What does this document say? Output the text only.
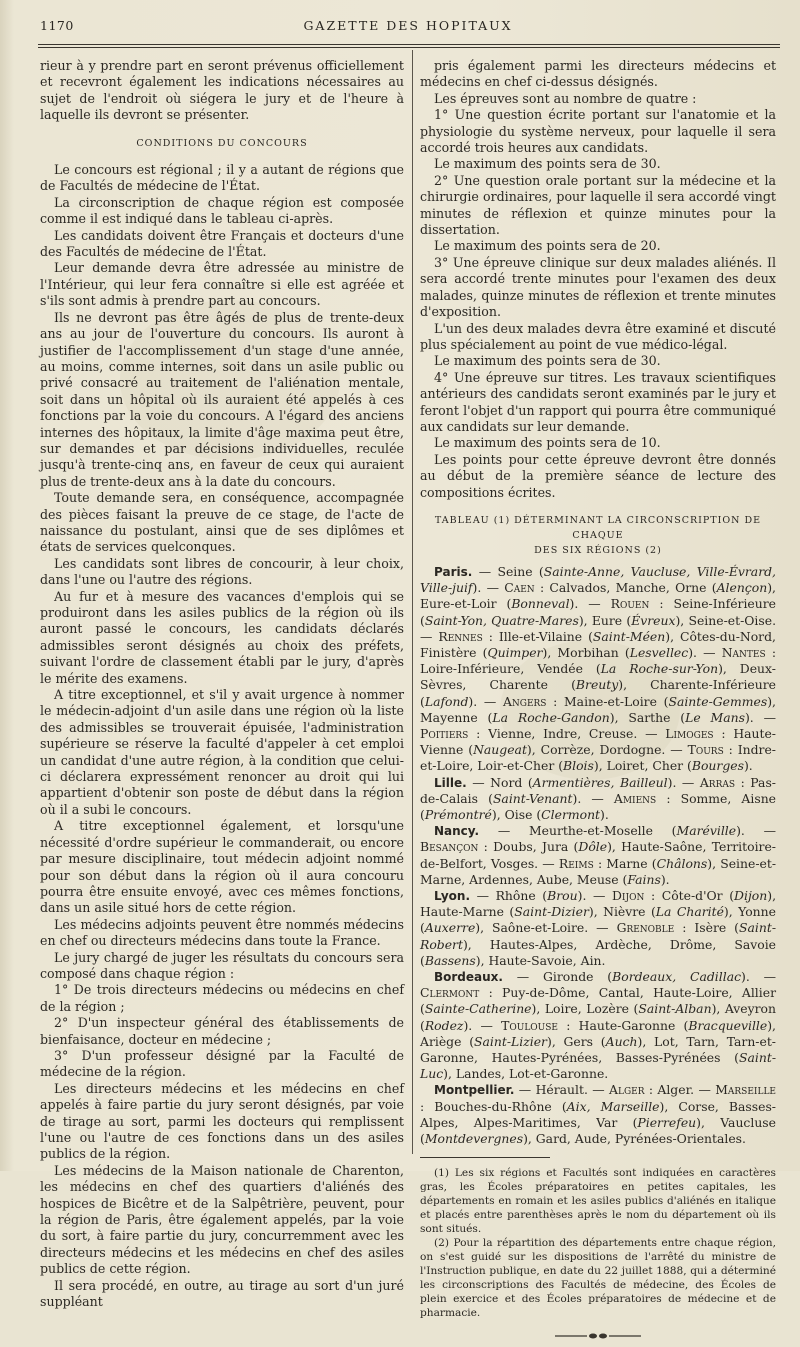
1170	GAZETTE DES HOPITAUX

rieur à y prendre part en seront prévenus officiellement et recevront également les indications nécessaires au sujet de l'endroit où siégera le jury et de l'heure à laquelle ils devront se présenter.

CONDITIONS DU CONCOURS

Le concours est régional ; il y a autant de régions que de Facultés de médecine de l'État.

La circonscription de chaque région est composée comme il est indiqué dans le tableau ci-après.

Les candidats doivent être Français et docteurs d'une des Facultés de médecine de l'État.

Leur demande devra être adressée au ministre de l'Intérieur, qui leur fera connaître si elle est agréée et s'ils sont admis à prendre part au concours.

Ils ne devront pas être âgés de plus de trente-deux ans au jour de l'ouverture du concours. Ils auront à justifier de l'accomplissement d'un stage d'une année, au moins, comme internes, soit dans un asile public ou privé consacré au traitement de l'aliénation mentale, soit dans un hôpital où ils auraient été appelés à ces fonctions par la voie du concours. A l'égard des anciens internes des hôpitaux, la limite d'âge maxima peut être, sur demandes et par décisions individuelles, reculée jusqu'à trente-cinq ans, en faveur de ceux qui auraient plus de trente-deux ans à la date du concours.

Toute demande sera, en conséquence, accompagnée des pièces faisant la preuve de ce stage, de l'acte de naissance du postulant, ainsi que de ses diplômes et états de services quelconques.

Les candidats sont libres de concourir, à leur choix, dans l'une ou l'autre des régions.

Au fur et à mesure des vacances d'emplois qui se produiront dans les asiles publics de la région où ils auront passé le concours, les candidats déclarés admissibles seront désignés au choix des préfets, suivant l'ordre de classement établi par le jury, d'après le mérite des examens.

A titre exceptionnel, et s'il y avait urgence à nommer le médecin-adjoint d'un asile dans une région où la liste des admissibles se trouverait épuisée, l'administration supérieure se réserve la faculté d'appeler à cet emploi un candidat d'une autre région, à la condition que celui-ci déclarera expressément renoncer au droit qui lui appartient d'obtenir son poste de début dans la région où il a subi le concours.

A titre exceptionnel également, et lorsqu'une nécessité d'ordre supérieur le commanderait, ou encore par mesure disciplinaire, tout médecin adjoint nommé pour son début dans la région où il aura concouru pourra être ensuite envoyé, avec ces mêmes fonctions, dans un asile situé hors de cette région.

Les médecins adjoints peuvent être nommés médecins en chef ou directeurs médecins dans toute la France.

Le jury chargé de juger les résultats du concours sera composé dans chaque région :

1° De trois directeurs médecins ou médecins en chef de la région ;

2° D'un inspecteur général des établissements de bienfaisance, docteur en médecine ;

3° D'un professeur désigné par la Faculté de médecine de la région.

Les directeurs médecins et les médecins en chef appelés à faire partie du jury seront désignés, par voie de tirage au sort, parmi les docteurs qui remplissent l'une ou l'autre de ces fonctions dans un des asiles publics de la région.

Les médecins de la Maison nationale de Charenton, les médecins en chef des quartiers d'aliénés des hospices de Bicêtre et de la Salpêtrière, peuvent, pour la région de Paris, être également appelés, par la voie du sort, à faire partie du jury, concurremment avec les directeurs médecins et les médecins en chef des asiles publics de cette région.

Il sera procédé, en outre, au tirage au sort d'un juré suppléant

pris également parmi les directeurs médecins et médecins en chef ci-dessus désignés.

Les épreuves sont au nombre de quatre :

1° Une question écrite portant sur l'anatomie et la physiologie du système nerveux, pour laquelle il sera accordé trois heures aux candidats.

Le maximum des points sera de 30.

2° Une question orale portant sur la médecine et la chirurgie ordinaires, pour laquelle il sera accordé vingt minutes de réflexion et quinze minutes pour la dissertation.

Le maximum des points sera de 20.

3° Une épreuve clinique sur deux malades aliénés. Il sera accordé trente minutes pour l'examen des deux malades, quinze minutes de réflexion et trente minutes d'exposition.

L'un des deux malades devra être examiné et discuté plus spécialement au point de vue médico-légal.

Le maximum des points sera de 30.

4° Une épreuve sur titres. Les travaux scientifiques antérieurs des candidats seront examinés par le jury et feront l'objet d'un rapport qui pourra être communiqué aux candidats sur leur demande.

Le maximum des points sera de 10.

Les points pour cette épreuve devront être donnés au début de la première séance de lecture des compositions écrites.

TABLEAU (1) DÉTERMINANT LA CIRCONSCRIPTION DE CHAQUE
DES SIX RÉGIONS (2)

Paris. — Seine (Sainte-Anne, Vaucluse, Ville-Évrard, Ville-juif). — Caen : Calvados, Manche, Orne (Alençon), Eure-et-Loir (Bonneval). — Rouen : Seine-Inférieure (Saint-Yon, Quatre-Mares), Eure (Évreux), Seine-et-Oise. — Rennes : Ille-et-Vilaine (Saint-Méen), Côtes-du-Nord, Finistère (Quimper), Morbihan (Lesvellec). — Nantes : Loire-Inférieure, Vendée (La Roche-sur-Yon), Deux-Sèvres, Charente (Breuty), Charente-Inférieure (Lafond). — Angers : Maine-et-Loire (Sainte-Gemmes), Mayenne (La Roche-Gandon), Sarthe (Le Mans). — Poitiers : Vienne, Indre, Creuse. — Limoges : Haute-Vienne (Naugeat), Corrèze, Dordogne. — Tours : Indre-et-Loire, Loir-et-Cher (Blois), Loiret, Cher (Bourges).

Lille. — Nord (Armentières, Bailleul). — Arras : Pas-de-Calais (Saint-Venant). — Amiens : Somme, Aisne (Prémontré), Oise (Clermont).

Nancy. — Meurthe-et-Moselle (Maréville). — Besançon : Doubs, Jura (Dôle), Haute-Saône, Territoire-de-Belfort, Vosges. — Reims : Marne (Châlons), Seine-et-Marne, Ardennes, Aube, Meuse (Fains).

Lyon. — Rhône (Brou). — Dijon : Côte-d'Or (Dijon), Haute-Marne (Saint-Dizier), Nièvre (La Charité), Yonne (Auxerre), Saône-et-Loire. — Grenoble : Isère (Saint-Robert), Hautes-Alpes, Ardèche, Drôme, Savoie (Bassens), Haute-Savoie, Ain.

Bordeaux. — Gironde (Bordeaux, Cadillac). — Clermont : Puy-de-Dôme, Cantal, Haute-Loire, Allier (Sainte-Catherine), Loire, Lozère (Saint-Alban), Aveyron (Rodez). — Toulouse : Haute-Garonne (Bracqueville), Ariège (Saint-Lizier), Gers (Auch), Lot, Tarn, Tarn-et-Garonne, Hautes-Pyrénées, Basses-Pyrénées (Saint-Luc), Landes, Lot-et-Garonne.

Montpellier. — Hérault. — Alger : Alger. — Marseille : Bouches-du-Rhône (Aix, Marseille), Corse, Basses-Alpes, Alpes-Maritimes, Var (Pierrefeu), Vaucluse (Montdevergnes), Gard, Aude, Pyrénées-Orientales.

(1) Les six régions et Facultés sont indiquées en caractères gras, les Écoles préparatoires en petites capitales, les départements en romain et les asiles publics d'aliénés en italique et placés entre parenthèses après le nom du département où ils sont situés.

(2) Pour la répartition des départements entre chaque région, on s'est guidé sur les dispositions de l'arrêté du ministre de l'Instruction publique, en date du 22 juillet 1888, qui a déterminé les circonscriptions des Facultés de médecine, des Écoles de plein exercice et des Écoles préparatoires de médecine et de pharmacie.
